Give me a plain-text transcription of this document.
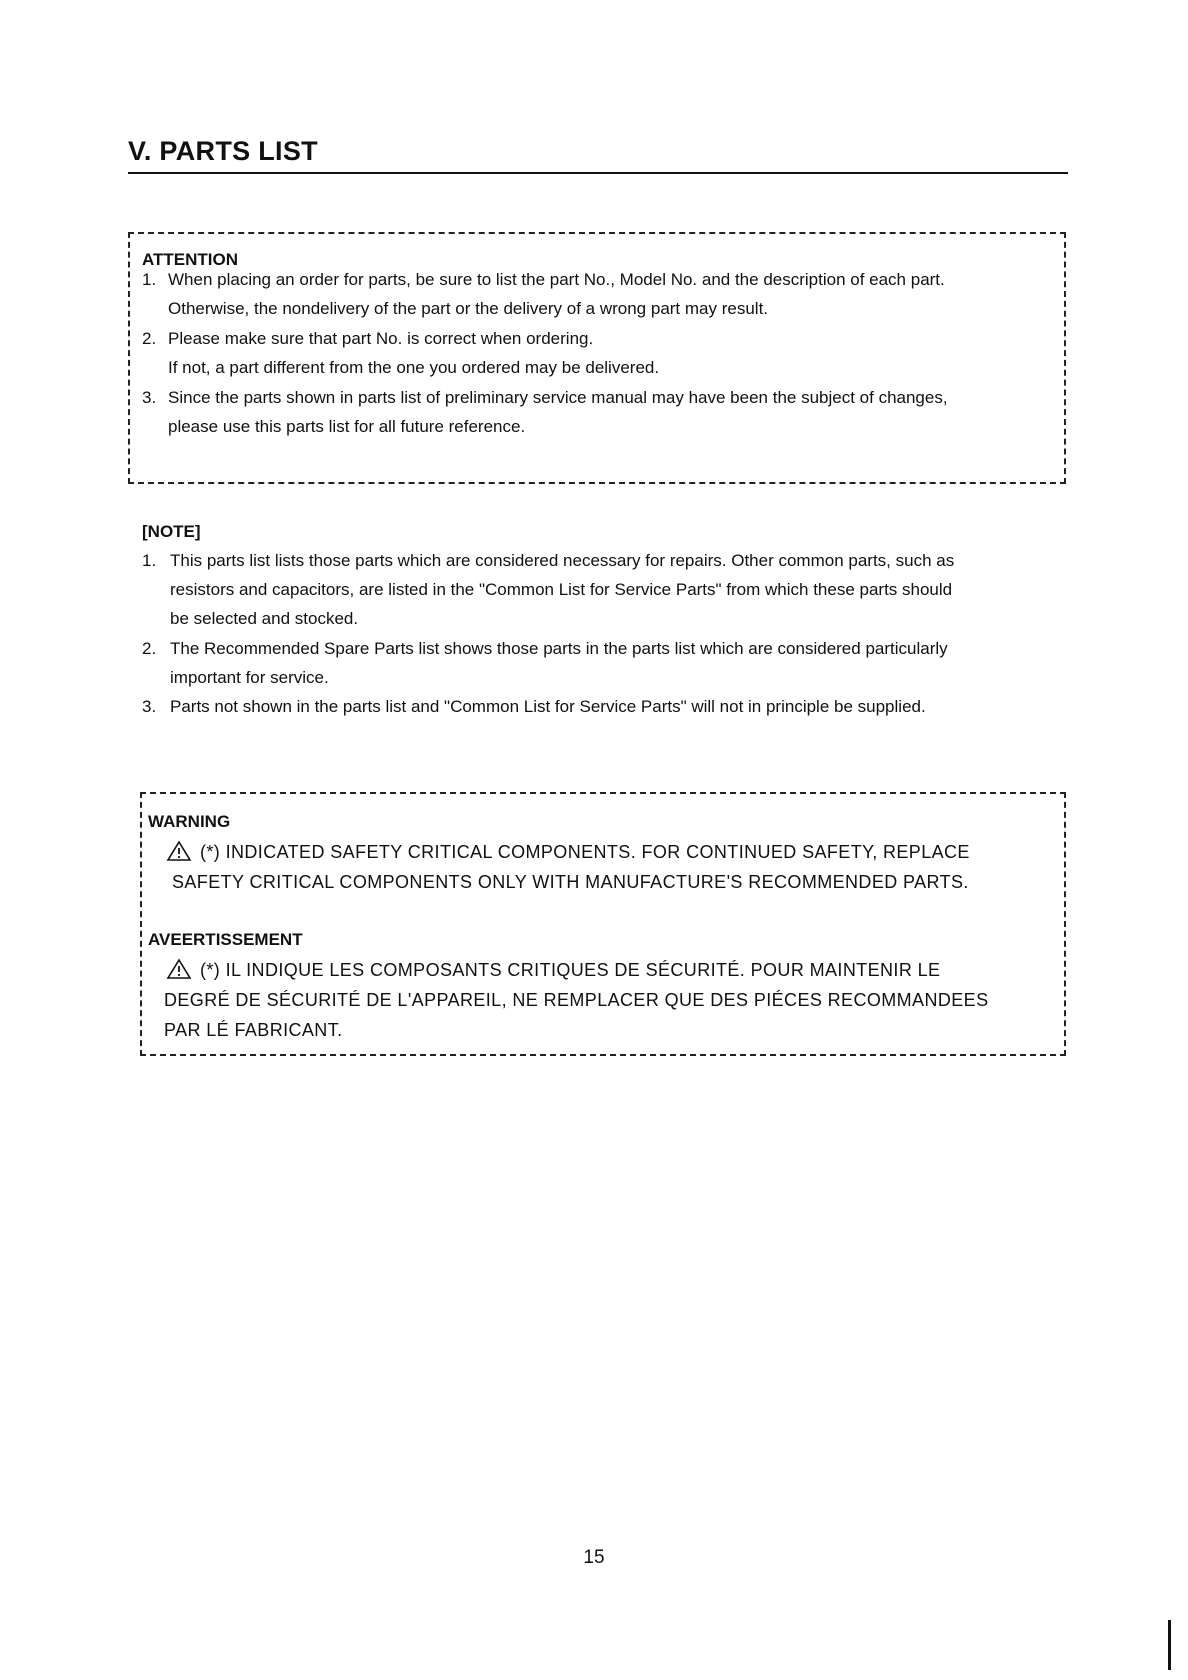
V. PARTS LIST
ATTENTION
1. When placing an order for parts, be sure to list the part No., Model No. and the description of each part.
Otherwise, the nondelivery of the part or the delivery of a wrong part may result.
2. Please make sure that part No. is correct when ordering.
If not, a part different from the one you ordered may be delivered.
3. Since the parts shown in parts list of preliminary service manual may have been the subject of changes,
please use this parts list for all future reference.
[NOTE]
1. This parts list lists those parts which are considered necessary for repairs. Other common parts, such as
resistors and capacitors, are listed in the "Common List for Service Parts" from which these parts should
be selected and stocked.
2. The Recommended Spare Parts list shows those parts in the parts list which are considered particularly
important for service.
3. Parts not shown in the parts list and "Common List for Service Parts" will not in principle be supplied.
WARNING
(*) INDICATED SAFETY CRITICAL COMPONENTS. FOR CONTINUED SAFETY, REPLACE
SAFETY CRITICAL COMPONENTS ONLY WITH MANUFACTURE'S RECOMMENDED PARTS.
AVEERTISSEMENT
(*) IL INDIQUE LES COMPOSANTS CRITIQUES DE SÉCURITÉ. POUR MAINTENIR LE
DEGRÉ DE SÉCURITÉ DE L'APPAREIL, NE REMPLACER QUE DES PIÉCES RECOMMANDEES
PAR LÉ FABRICANT.
15
